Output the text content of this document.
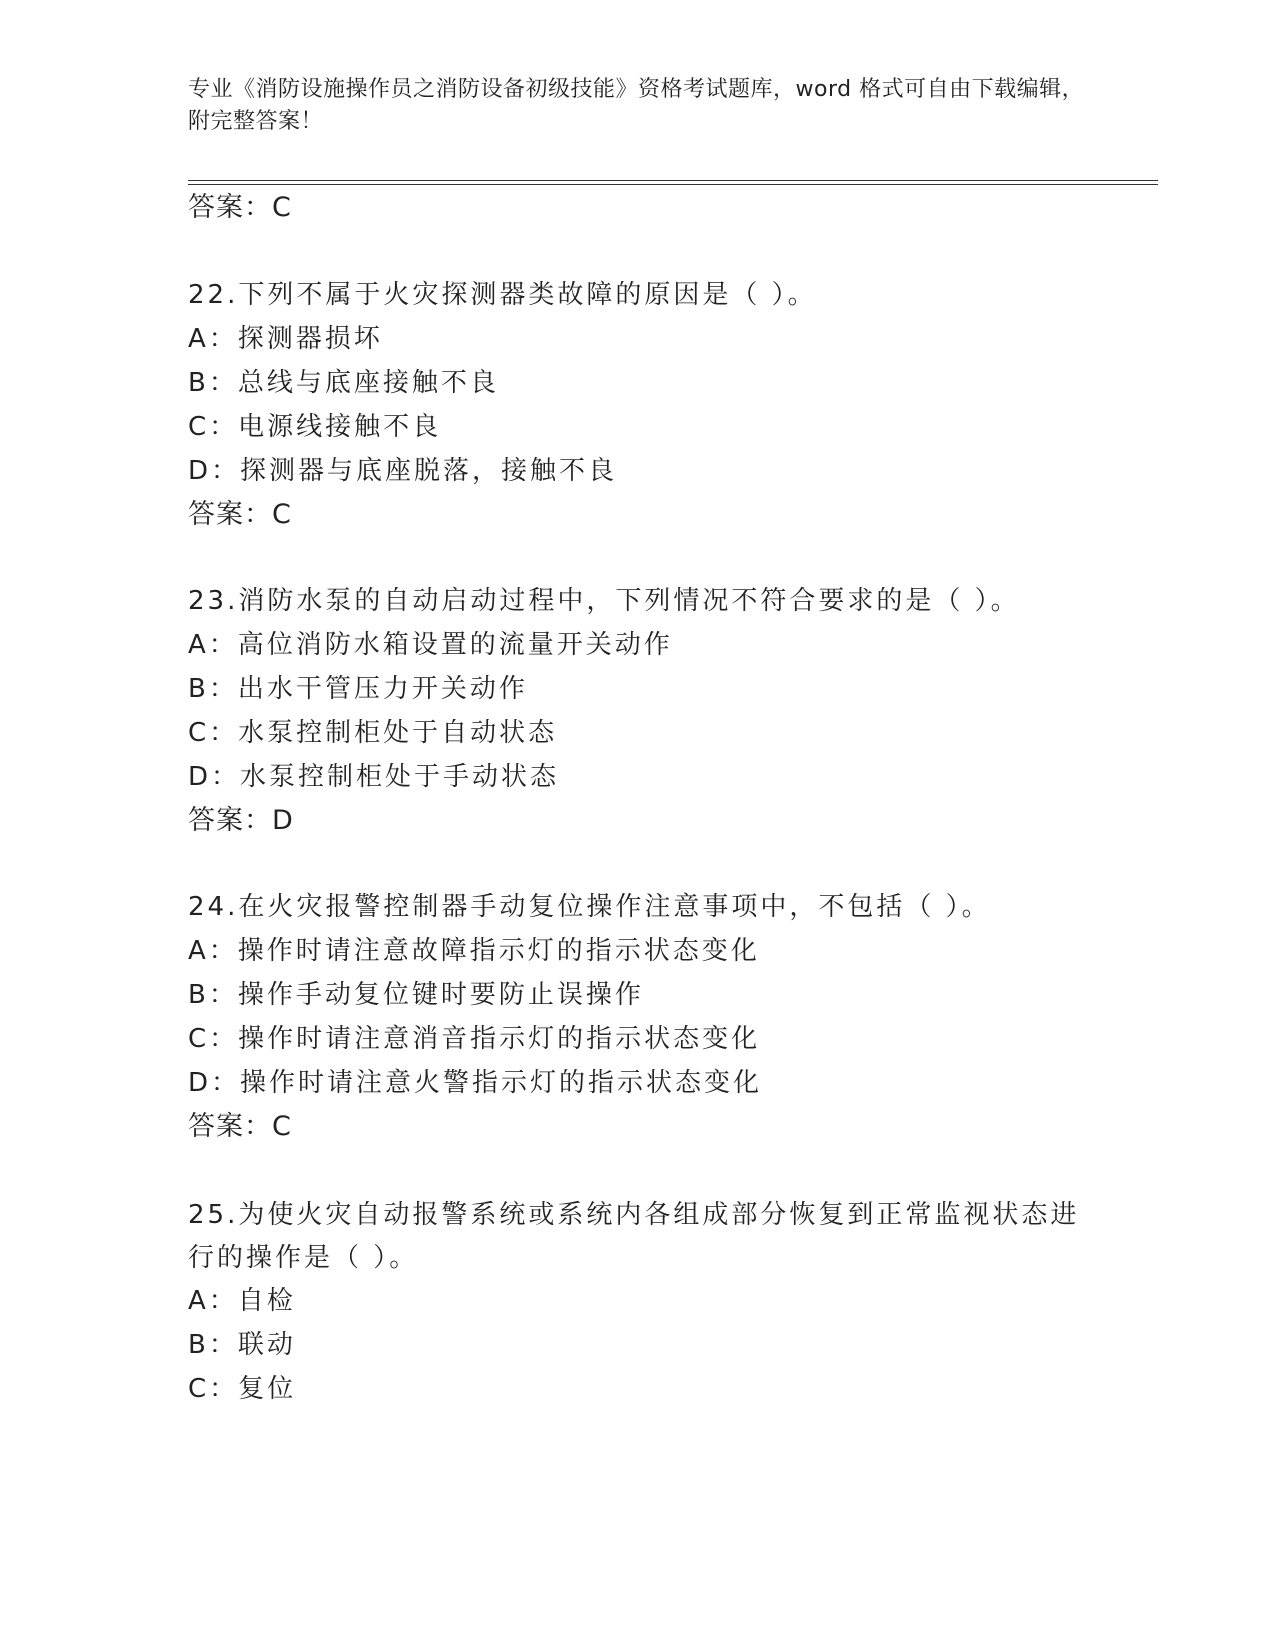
专业《消防设施操作员之消防设备初级技能》资格考试题库，word 格式可自由下载编辑，附完整答案！
答案：C
22.下列不属于火灾探测器类故障的原因是（ ）。
A：探测器损坏
B：总线与底座接触不良
C：电源线接触不良
D：探测器与底座脱落，接触不良
答案：C
23.消防水泵的自动启动过程中，下列情况不符合要求的是（ ）。
A：高位消防水箱设置的流量开关动作
B：出水干管压力开关动作
C：水泵控制柜处于自动状态
D：水泵控制柜处于手动状态
答案：D
24.在火灾报警控制器手动复位操作注意事项中，不包括（ ）。
A：操作时请注意故障指示灯的指示状态变化
B：操作手动复位键时要防止误操作
C：操作时请注意消音指示灯的指示状态变化
D：操作时请注意火警指示灯的指示状态变化
答案：C
25.为使火灾自动报警系统或系统内各组成部分恢复到正常监视状态进行的操作是（ ）。
A：自检
B：联动
C：复位
